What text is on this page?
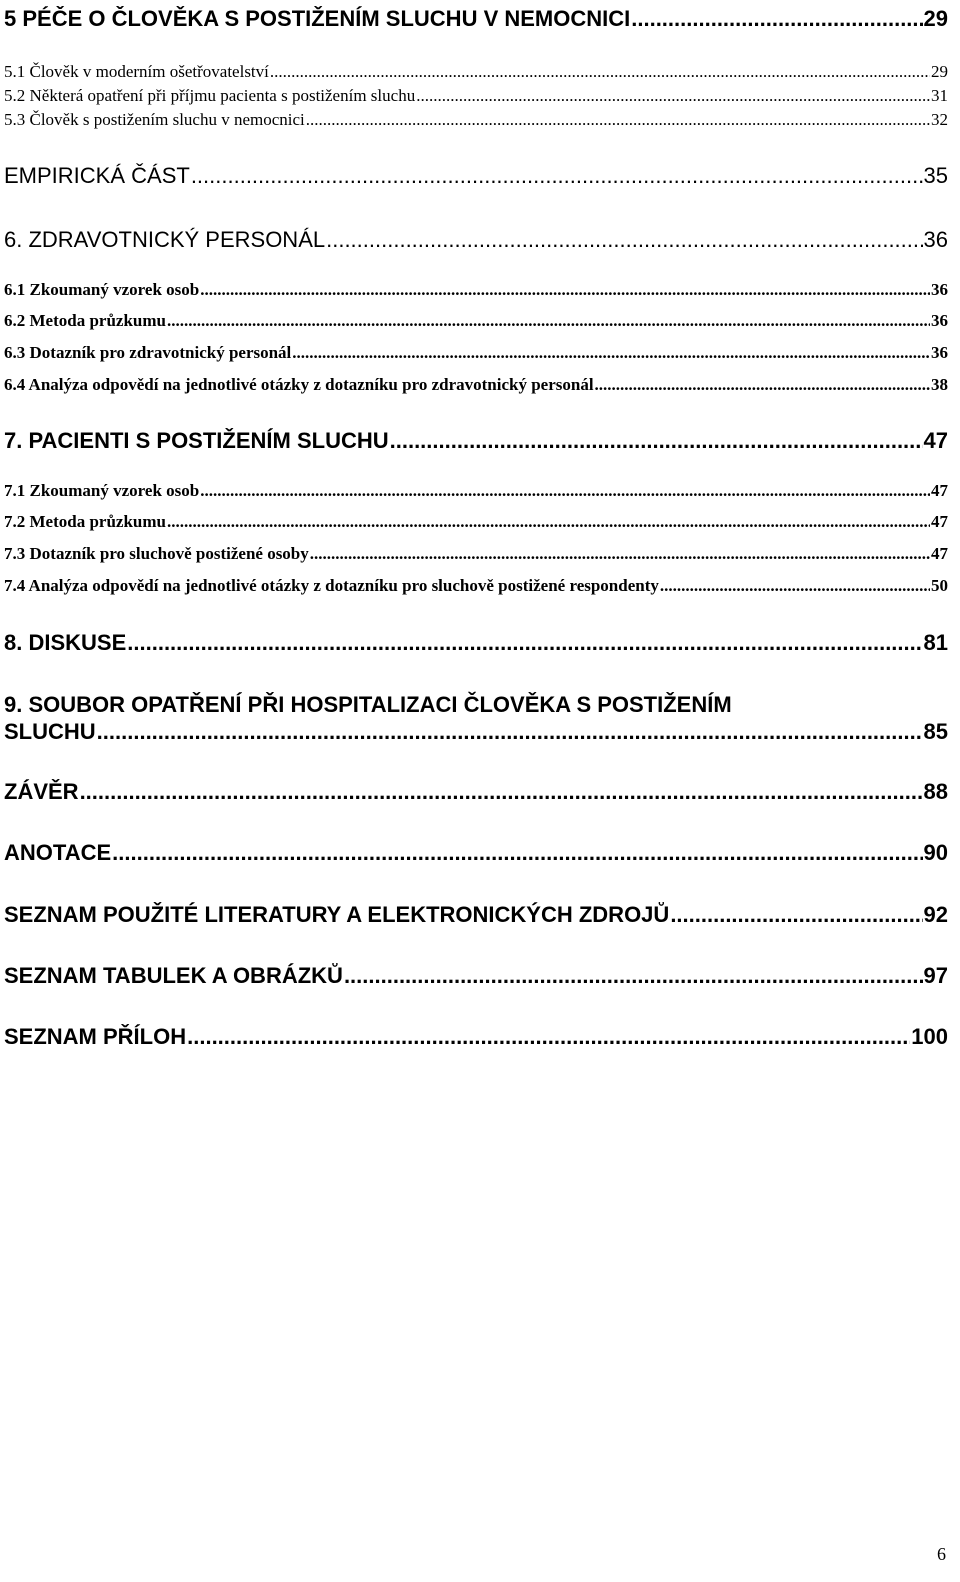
5 PÉČE O ČLOVĚKA S POSTIŽENÍM SLUCHU V NEMOCNICI .....	29
5.1 Člověk v moderním ošetřovatelství .....	29
5.2 Některá opatření při příjmu pacienta s postižením sluchu .....	31
5.3 Člověk s postižením sluchu v nemocnici .....	32
EMPIRICKÁ ČÁST .....	35
6. ZDRAVOTNICKÝ PERSONÁL .....	36
6.1 Zkoumaný vzorek osob .....	36
6.2 Metoda průzkumu .....	36
6.3 Dotazník pro zdravotnický personál .....	36
6.4 Analýza odpovědí na jednotlivé otázky z dotazníku pro zdravotnický personál .....	38
7. PACIENTI S POSTIŽENÍM SLUCHU .....	47
7.1 Zkoumaný vzorek osob .....	47
7.2 Metoda průzkumu .....	47
7.3 Dotazník pro sluchově postižené osoby .....	47
7.4 Analýza odpovědí na jednotlivé otázky z dotazníku pro sluchově postižené respondenty .....	50
8. DISKUSE .....	81
9. SOUBOR OPATŘENÍ PŘI HOSPITALIZACI ČLOVĚKA S POSTIŽENÍM
SLUCHU .....	85
ZÁVĚR .....	88
ANOTACE .....	90
SEZNAM POUŽITÉ LITERATURY A ELEKTRONICKÝCH ZDROJŮ .....	92
SEZNAM TABULEK A OBRÁZKŮ .....	97
SEZNAM PŘÍLOH .....	100
6
